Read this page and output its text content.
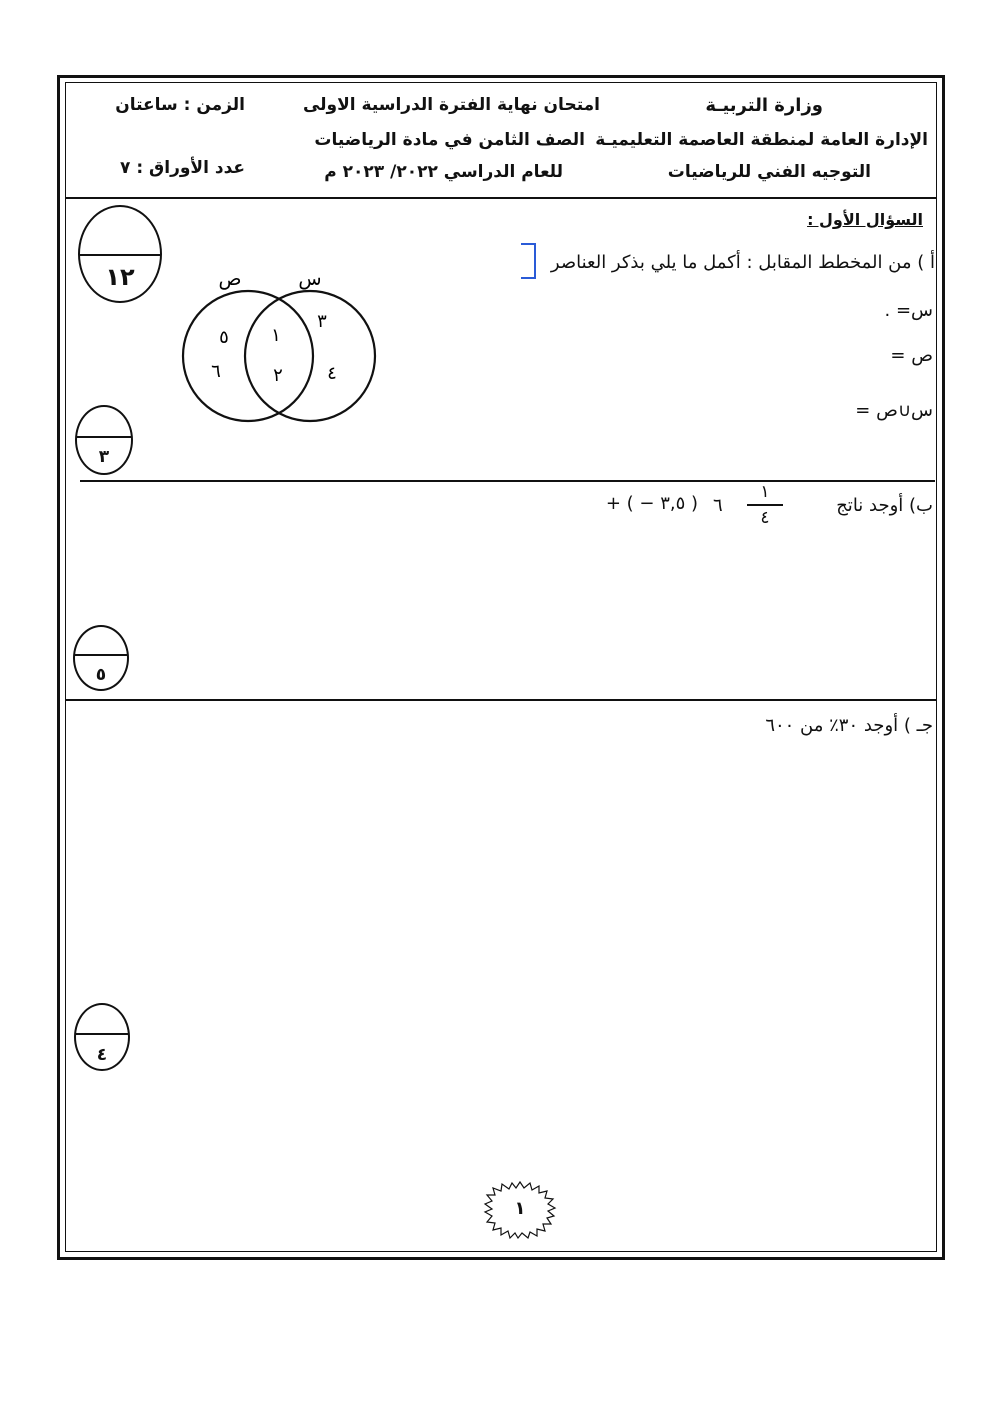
وزارة التربيـة
الإدارة العامة لمنطقة العاصمة التعليميـة
التوجيه الفني للرياضيات
امتحان نهاية الفترة الدراسية الاولى
الصف الثامن في مادة الرياضيات
للعام الدراسي ٢٠٢٢/ ٢٠٢٣ م
الزمن : ساعتان
عدد الأوراق : ٧
السؤال الأول :
١٢
أ ) من المخطط المقابل : أكمل ما يلي بذكر العناصر
س= .
ص =
س∪ص =
ص	س
٥
٦
١
٢
٣
٤
٣
ب) أوجد ناتج
١
٤
٦
+ ( − ٣,٥ )
٥
جـ ) أوجد ٣٠٪ من ٦٠٠
٤
١
